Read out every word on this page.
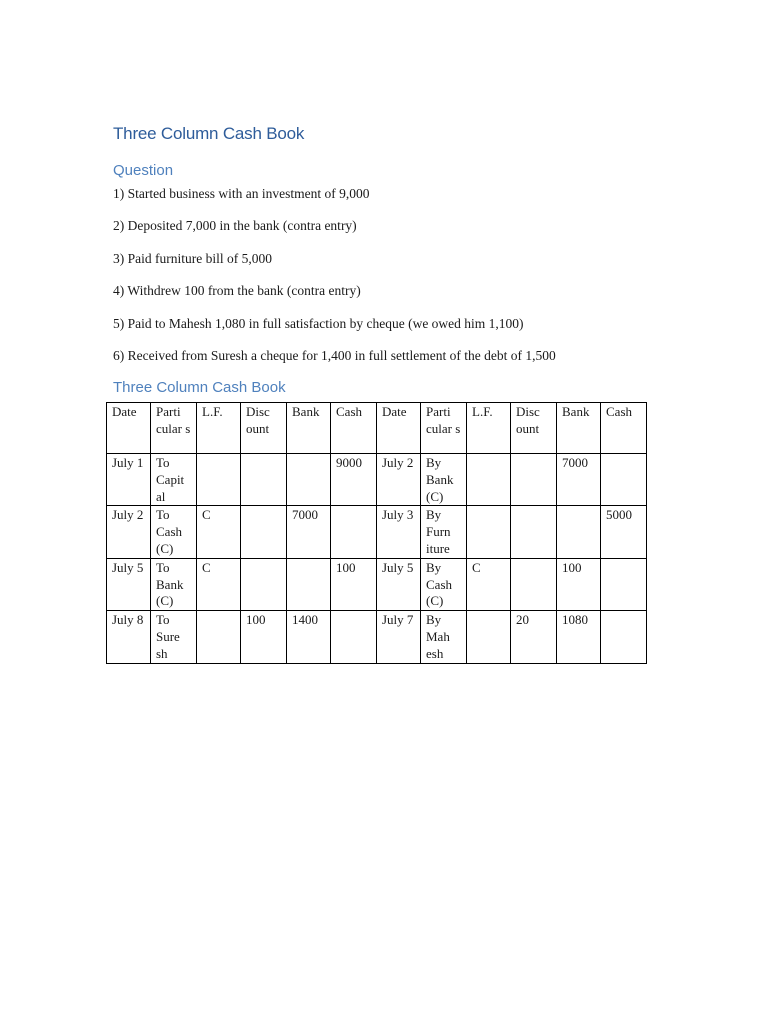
Three Column Cash Book
Question
1) Started business with an investment of 9,000
2) Deposited 7,000 in the bank (contra entry)
3) Paid furniture bill of 5,000
4) Withdrew 100 from the bank (contra entry)
5) Paid to Mahesh 1,080 in full satisfaction by cheque (we owed him 1,100)
6) Received from Suresh a cheque for 1,400 in full settlement of the debt of 1,500
Three Column Cash Book
Date	Parti cular s	L.F.	Disc ount	Bank	Cash	Date	Parti cular s	L.F.	Disc ount	Bank	Cash
July 1	To Capit al				9000	July 2	By Bank (C)			7000	
July 2	To Cash (C)	C		7000		July 3	By Furn iture				5000
July 5	To Bank (C)	C			100	July 5	By Cash (C)	C		100	
July 8	To Sure sh		100	1400		July 7	By Mah esh		20	1080	
